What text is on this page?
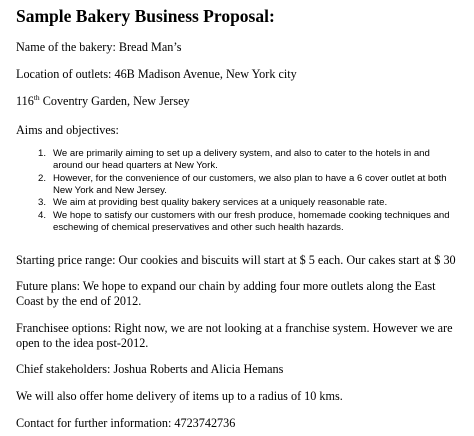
Sample Bakery Business Proposal:
Name of the bakery: Bread Man’s
Location of outlets: 46B Madison Avenue, New York city
116th Coventry Garden, New Jersey
Aims and objectives:
1. We are primarily aiming to set up a delivery system, and also to cater to the hotels in and around our head quarters at New York.
2. However, for the convenience of our customers, we also plan to have a 6 cover outlet at both New York and New Jersey.
3. We aim at providing best quality bakery services at a uniquely reasonable rate.
4. We hope to satisfy our customers with our fresh produce, homemade cooking techniques and eschewing of chemical preservatives and other such health hazards.
Starting price range: Our cookies and biscuits will start at $ 5 each. Our cakes start at $ 30
Future plans: We hope to expand our chain by adding four more outlets along the East Coast by the end of 2012.
Franchisee options: Right now, we are not looking at a franchise system. However we are open to the idea post-2012.
Chief stakeholders: Joshua Roberts and Alicia Hemans
We will also offer home delivery of items up to a radius of 10 kms.
Contact for further information: 4723742736
